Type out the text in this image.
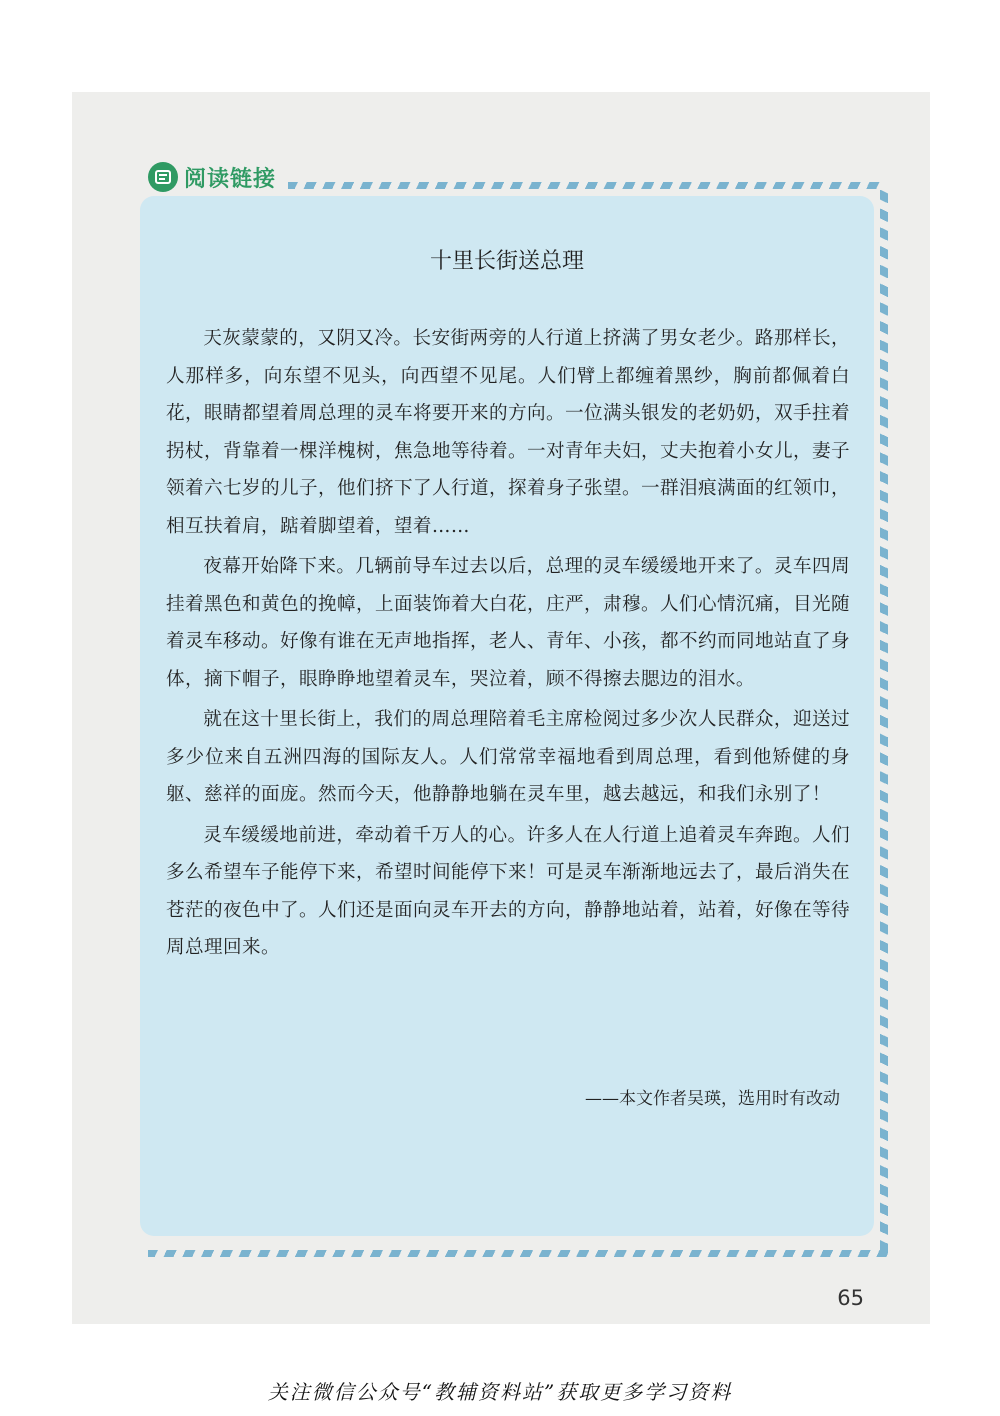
阅读链接
十里长街送总理

天灰蒙蒙的，又阴又冷。长安街两旁的人行道上挤满了男女老少。路那样长，人那样多，向东望不见头，向西望不见尾。人们臂上都缠着黑纱，胸前都佩着白花，眼睛都望着周总理的灵车将要开来的方向。一位满头银发的老奶奶，双手拄着拐杖，背靠着一棵洋槐树，焦急地等待着。一对青年夫妇，丈夫抱着小女儿，妻子领着六七岁的儿子，他们挤下了人行道，探着身子张望。一群泪痕满面的红领巾，相互扶着肩，踮着脚望着，望着……

夜幕开始降下来。几辆前导车过去以后，总理的灵车缓缓地开来了。灵车四周挂着黑色和黄色的挽幛，上面装饰着大白花，庄严，肃穆。人们心情沉痛，目光随着灵车移动。好像有谁在无声地指挥，老人、青年、小孩，都不约而同地站直了身体，摘下帽子，眼睁睁地望着灵车，哭泣着，顾不得擦去腮边的泪水。

就在这十里长街上，我们的周总理陪着毛主席检阅过多少次人民群众，迎送过多少位来自五洲四海的国际友人。人们常常幸福地看到周总理，看到他矫健的身躯、慈祥的面庞。然而今天，他静静地躺在灵车里，越去越远，和我们永别了！

灵车缓缓地前进，牵动着千万人的心。许多人在人行道上追着灵车奔跑。人们多么希望车子能停下来，希望时间能停下来！可是灵车渐渐地远去了，最后消失在苍茫的夜色中了。人们还是面向灵车开去的方向，静静地站着，站着，好像在等待周总理回来。

——本文作者吴瑛，选用时有改动
65
关注微信公众号“教辅资料站”获取更多学习资料
